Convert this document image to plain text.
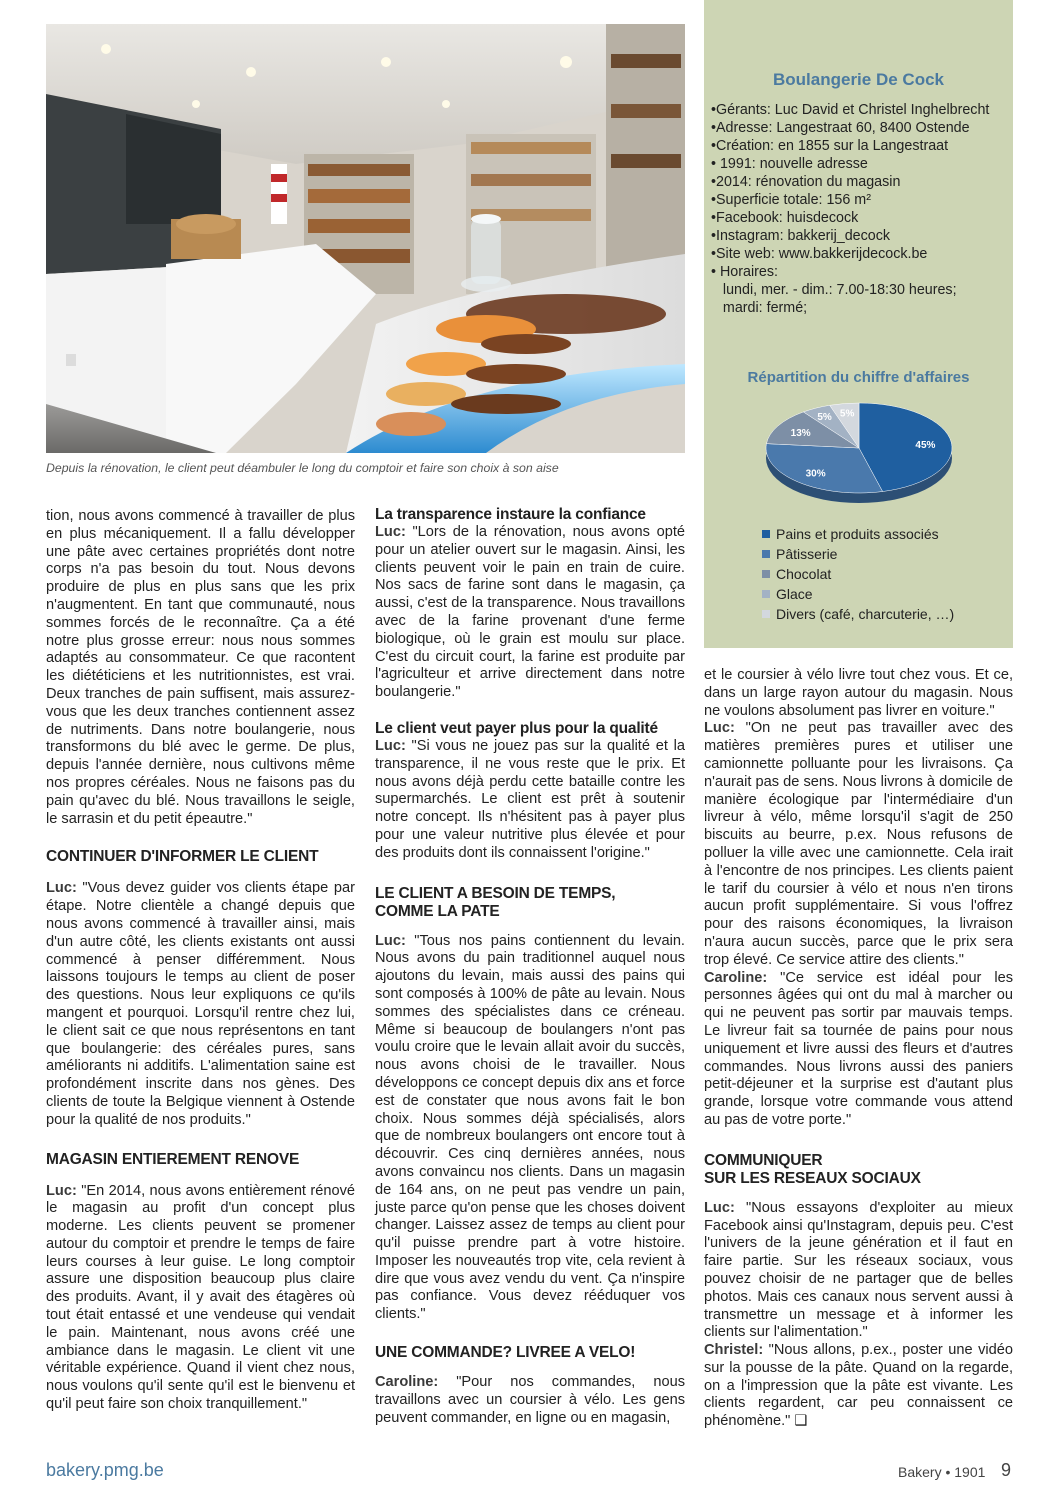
Depuis la rénovation, le client peut déambuler le long du comptoir et faire son choix à son aise
Boulangerie De Cock
•Gérants: Luc David et Christel Inghelbrecht
•Adresse: Langestraat 60, 8400 Ostende
•Création: en 1855 sur la Langestraat
• 1991: nouvelle adresse
•2014: rénovation du magasin
•Superficie totale: 156 m²
•Facebook: huisdecock
•Instagram: bakkerij_decock
•Site web: www.bakkerijdecock.be
• Horaires:
lundi, mer. - dim.: 7.00-18:30 heures;
mardi: fermé;
Répartition du chiffre d'affaires
45%
30%
13%
5% 5%
Pains et produits associés
Pâtisserie
Chocolat
Glace
Divers (café, charcuterie, …)

tion, nous avons commencé à travailler de plus en plus mécaniquement. Il a fallu développer une pâte avec certaines propriétés dont notre corps n'a pas besoin du tout. Nous devons produire de plus en plus sans que les prix n'augmentent. En tant que communauté, nous sommes forcés de le reconnaître. Ça a été notre plus grosse erreur: nous nous sommes adaptés au consommateur. Ce que racontent les diététiciens et les nutritionnistes, est vrai. Deux tranches de pain suffisent, mais assurez-vous que les deux tranches contiennent assez de nutriments. Dans notre boulangerie, nous transformons du blé avec le germe. De plus, depuis l'année dernière, nous cultivons même nos propres céréales. Nous ne faisons pas du pain qu'avec du blé. Nous travaillons le seigle, le sarrasin et du petit épeautre."

CONTINUER D'INFORMER LE CLIENT

Luc: "Vous devez guider vos clients étape par étape. Notre clientèle a changé depuis que nous avons commencé à travailler ainsi, mais d'un autre côté, les clients existants ont aussi commencé à penser différemment. Nous laissons toujours le temps au client de poser des questions. Nous leur expliquons ce qu'ils mangent et pourquoi. Lorsqu'il rentre chez lui, le client sait ce que nous représentons en tant que boulangerie: des céréales pures, sans améliorants ni additifs. L'alimentation saine est profondément inscrite dans nos gènes. Des clients de toute la Belgique viennent à Ostende pour la qualité de nos produits."

MAGASIN ENTIEREMENT RENOVE

Luc: "En 2014, nous avons entièrement rénové le magasin au profit d'un concept plus moderne. Les clients peuvent se promener autour du comptoir et prendre le temps de faire leurs courses à leur guise. Le long comptoir assure une disposition beaucoup plus claire des produits. Avant, il y avait des étagères où tout était entassé et une vendeuse qui vendait le pain. Maintenant, nous avons créé une ambiance dans le magasin. Le client vit une véritable expérience. Quand il vient chez nous, nous voulons qu'il sente qu'il est le bienvenu et qu'il peut faire son choix tranquillement."

La transparence instaure la confiance

Luc: "Lors de la rénovation, nous avons opté pour un atelier ouvert sur le magasin. Ainsi, les clients peuvent voir le pain en train de cuire. Nos sacs de farine sont dans le magasin, ça aussi, c'est de la transparence. Nous travaillons avec de la farine provenant d'une ferme biologique, où le grain est moulu sur place. C'est du circuit court, la farine est produite par l'agriculteur et arrive directement dans notre boulangerie."

Le client veut payer plus pour la qualité

Luc: "Si vous ne jouez pas sur la qualité et la transparence, il ne vous reste que le prix. Et nous avons déjà perdu cette bataille contre les supermarchés. Le client est prêt à soutenir notre concept. Ils n'hésitent pas à payer plus pour une valeur nutritive plus élevée et pour des produits dont ils connaissent l'origine."

LE CLIENT A BESOIN DE TEMPS,
COMME LA PATE

Luc: "Tous nos pains contiennent du levain. Nous avons du pain traditionnel auquel nous ajoutons du levain, mais aussi des pains qui sont composés à 100% de pâte au levain. Nous sommes des spécialistes dans ce créneau. Même si beaucoup de boulangers n'ont pas voulu croire que le levain allait avoir du succès, nous avons choisi de le travailler. Nous développons ce concept depuis dix ans et force est de constater que nous avons fait le bon choix. Nous sommes déjà spécialisés, alors que de nombreux boulangers ont encore tout à découvrir. Ces cinq dernières années, nous avons convaincu nos clients. Dans un magasin de 164 ans, on ne peut pas vendre un pain, juste parce qu'on pense que les choses doivent changer. Laissez assez de temps au client pour qu'il puisse prendre part à votre histoire. Imposer les nouveautés trop vite, cela revient à dire que vous avez vendu du vent. Ça n'inspire pas confiance. Vous devez rééduquer vos clients."

UNE COMMANDE? LIVREE A VELO!

Caroline: "Pour nos commandes, nous travaillons avec un coursier à vélo. Les gens peuvent commander, en ligne ou en magasin,

et le coursier à vélo livre tout chez vous. Et ce, dans un large rayon autour du magasin. Nous ne voulons absolument pas livrer en voiture."

Luc: "On ne peut pas travailler avec des matières premières pures et utiliser une camionnette polluante pour les livraisons. Ça n'aurait pas de sens. Nous livrons à domicile de manière écologique par l'intermédiaire d'un livreur à vélo, même lorsqu'il s'agit de 250 biscuits au beurre, p.ex. Nous refusons de polluer la ville avec une camionnette. Cela irait à l'encontre de nos principes. Les clients paient le tarif du coursier à vélo et nous n'en tirons aucun profit supplémentaire. Si vous l'offrez pour des raisons économiques, la livraison n'aura aucun succès, parce que le prix sera trop élevé. Ce service attire des clients."

Caroline: "Ce service est idéal pour les personnes âgées qui ont du mal à marcher ou qui ne peuvent pas sortir par mauvais temps. Le livreur fait sa tournée de pains pour nous uniquement et livre aussi des fleurs et d'autres commandes. Nous livrons aussi des paniers petit-déjeuner et la surprise est d'autant plus grande, lorsque votre commande vous attend au pas de votre porte."

COMMUNIQUER
SUR LES RESEAUX SOCIAUX

Luc: "Nous essayons d'exploiter au mieux Facebook ainsi qu'Instagram, depuis peu. C'est l'univers de la jeune génération et il faut en faire partie. Sur les réseaux sociaux, vous pouvez choisir de ne partager que de belles photos. Mais ces canaux nous servent aussi à transmettre un message et à informer les clients sur l'alimentation."

Christel: "Nous allons, p.ex., poster une vidéo sur la pousse de la pâte. Quand on la regarde, on a l'impression que la pâte est vivante. Les clients regardent, car peu connaissent ce phénomène." ❑

bakery.pmg.be	Bakery • 1901 9
